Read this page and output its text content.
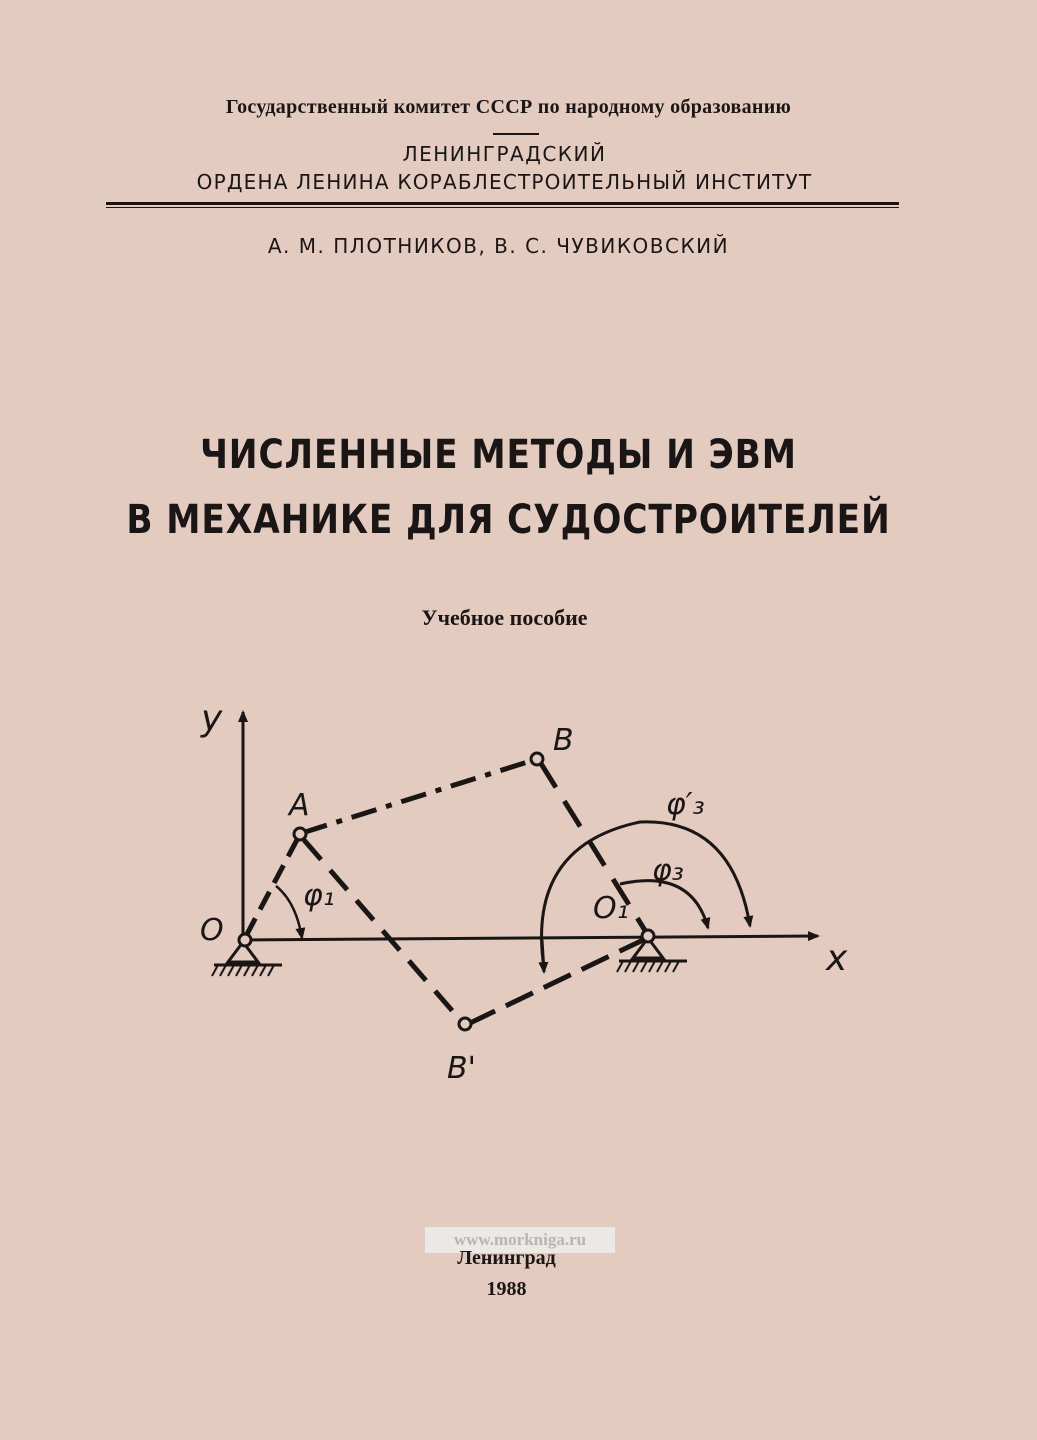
Государственный комитет СССР по народному образованию
ЛЕНИНГРАДСКИЙ
ОРДЕНА ЛЕНИНА КОРАБЛЕСТРОИТЕЛЬНЫЙ ИНСТИТУТ
А. М. ПЛОТНИКОВ, В. С. ЧУВИКОВСКИЙ
ЧИСЛЕННЫЕ МЕТОДЫ И ЭВМ
В МЕХАНИКЕ ДЛЯ СУДОСТРОИТЕЛЕЙ
Учебное пособие
y
x
O
A
B
B'
O₁
φ₁
φ₃
φ′₃
www.morkniga.ru
Ленинград
1988
